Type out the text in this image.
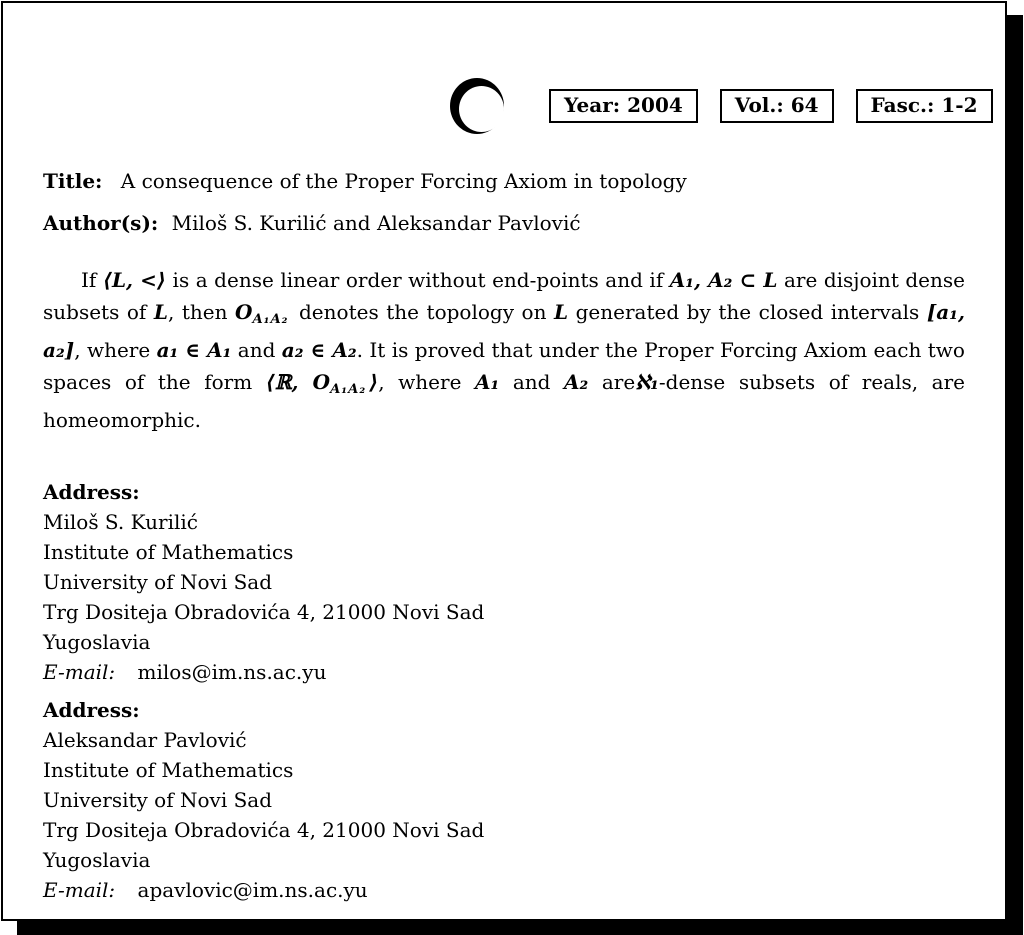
Year: 2004	Vol.: 64	Fasc.: 1-2

Title: A consequence of the Proper Forcing Axiom in topology

Author(s): Miloš S. Kurilić and Aleksandar Pavlović

If ⟨L, <⟩ is a dense linear order without end-points and if A₁, A₂ ⊂ L are disjoint dense subsets of L, then $O_{A_1A_2}$ denotes the topology on L generated by the closed intervals [a₁, a₂], where a₁ ∈ A₁ and a₂ ∈ A₂. It is proved that under the Proper Forcing Axiom each two spaces of the form ⟨ℝ, $O_{A_1A_2}$ ⟩, where A₁ and A₂ areℵ₁-dense subsets of reals, are homeomorphic.

Address:

Miloš S. Kurilić

Institute of Mathematics

University of Novi Sad

Trg Dositeja Obradovića 4, 21000 Novi Sad

Yugoslavia

E-mail: milos@im.ns.ac.yu

Address:

Aleksandar Pavlović

Institute of Mathematics

University of Novi Sad

Trg Dositeja Obradovića 4, 21000 Novi Sad

Yugoslavia

E-mail: apavlovic@im.ns.ac.yu
